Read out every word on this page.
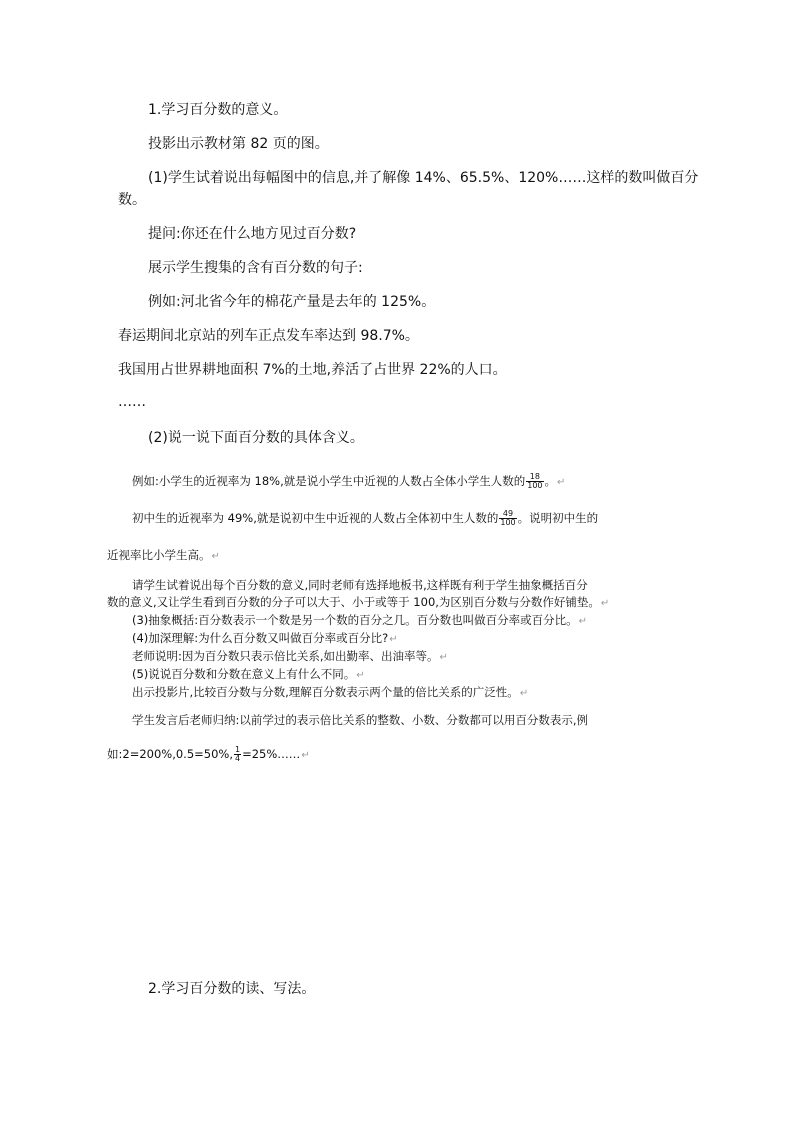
1.学习百分数的意义。
投影出示教材第 82 页的图。
(1)学生试着说出每幅图中的信息,并了解像 14%、65.5%、120%……这样的数叫做百分
数。
提问:你还在什么地方见过百分数?
展示学生搜集的含有百分数的句子:
例如:河北省今年的棉花产量是去年的 125%。
春运期间北京站的列车正点发车率达到 98.7%。
我国用占世界耕地面积 7%的土地,养活了占世界 22%的人口。
……
(2)说一说下面百分数的具体含义。
例如:小学生的近视率为 18%,就是说小学生中近视的人数占全体小学生人数的 $\frac{18}{100}$ 。↵
初中生的近视率为 49%,就是说初中生中近视的人数占全体初中生人数的 $\frac{49}{100}$ 。说明初中生的
近视率比小学生高。↵
请学生试着说出每个百分数的意义,同时老师有选择地板书,这样既有利于学生抽象概括百分
数的意义,又让学生看到百分数的分子可以大于、小于或等于 100,为区别百分数与分数作好铺垫。↵
(3)抽象概括:百分数表示一个数是另一个数的百分之几。百分数也叫做百分率或百分比。↵
(4)加深理解:为什么百分数又叫做百分率或百分比?↵
老师说明:因为百分数只表示倍比关系,如出勤率、出油率等。↵
(5)说说百分数和分数在意义上有什么不同。↵
出示投影片,比较百分数与分数,理解百分数表示两个量的倍比关系的广泛性。↵
学生发言后老师归纳:以前学过的表示倍比关系的整数、小数、分数都可以用百分数表示,例
如:2=200%,0.5=50%, $\frac{1}{4}$ =25%……↵
2.学习百分数的读、写法。
